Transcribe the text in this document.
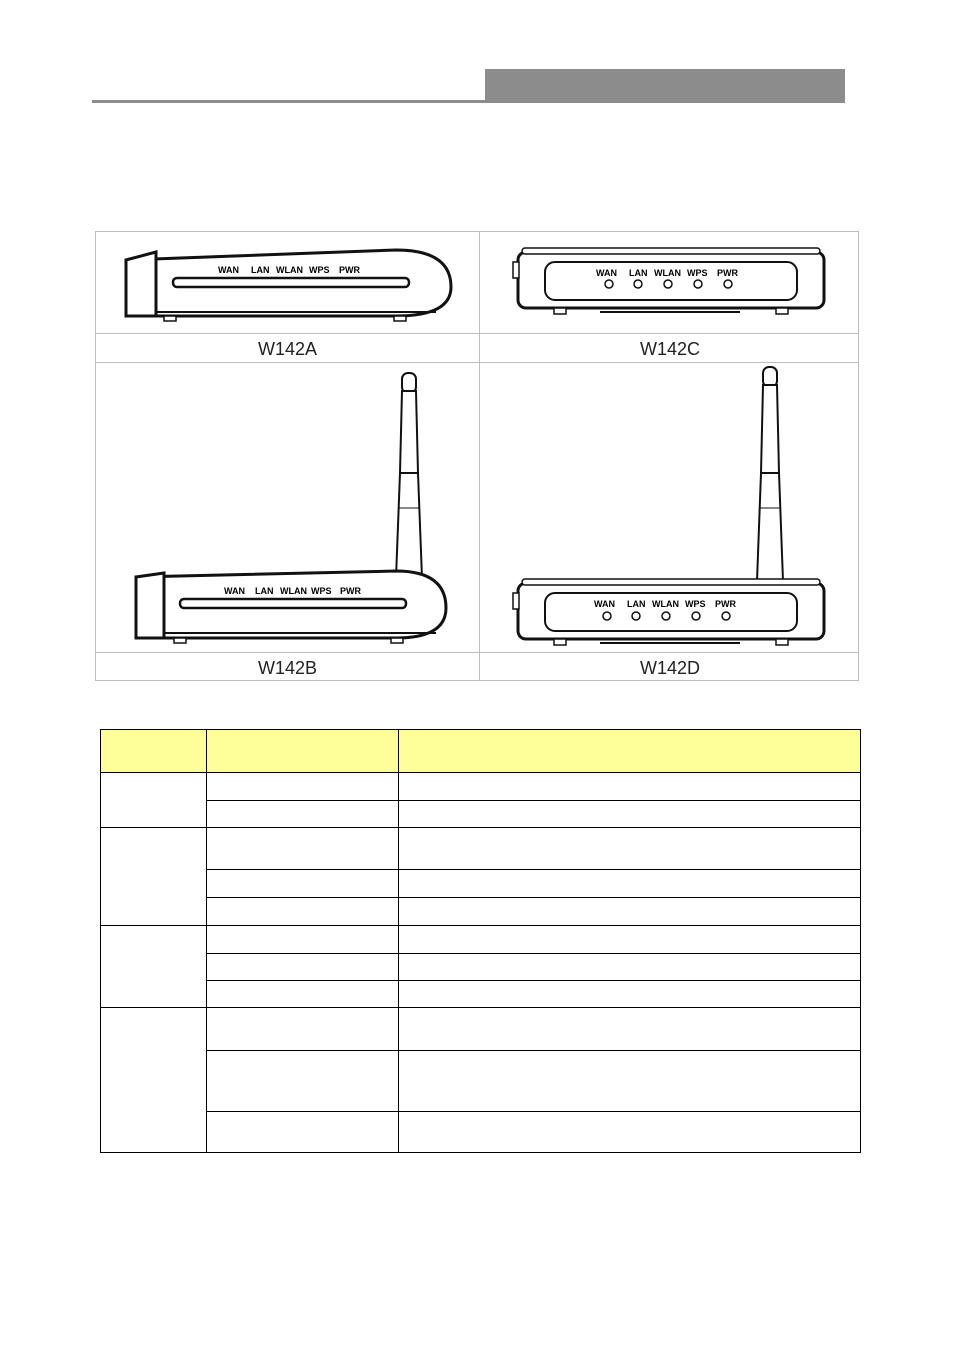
WAN LAN WLAN WPS PWR
W142A
WAN LAN WLAN WPS PWR
W142C
WAN LAN WLAN WPS PWR
W142B
WAN LAN WLAN WPS PWR
W142D
